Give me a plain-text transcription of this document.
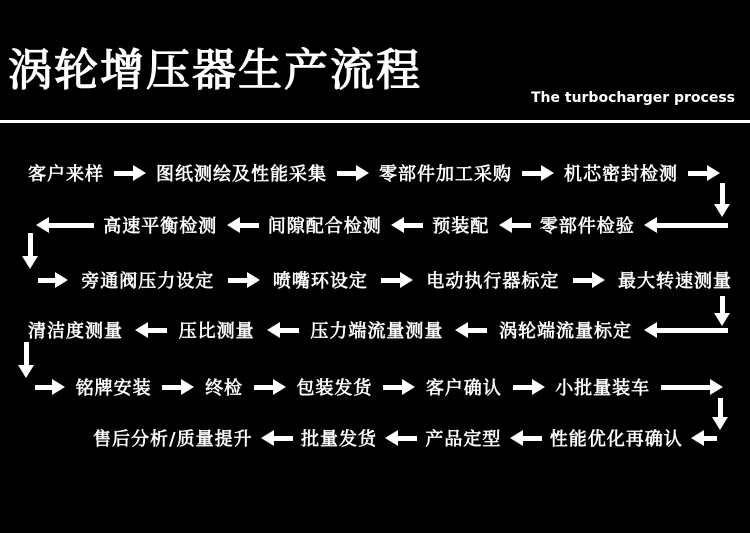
涡轮增压器生产流程
The turbocharger process
客户来样	图纸测绘及性能采集	零部件加工采购	机芯密封检测
高速平衡检测	间隙配合检测	预装配	零部件检验
旁通阀压力设定	喷嘴环设定	电动执行器标定	最大转速测量
清洁度测量	压比测量	压力端流量测量	涡轮端流量标定
铭牌安装	终检	包装发货	客户确认	小批量装车
售后分析/质量提升	批量发货	产品定型	性能优化再确认
